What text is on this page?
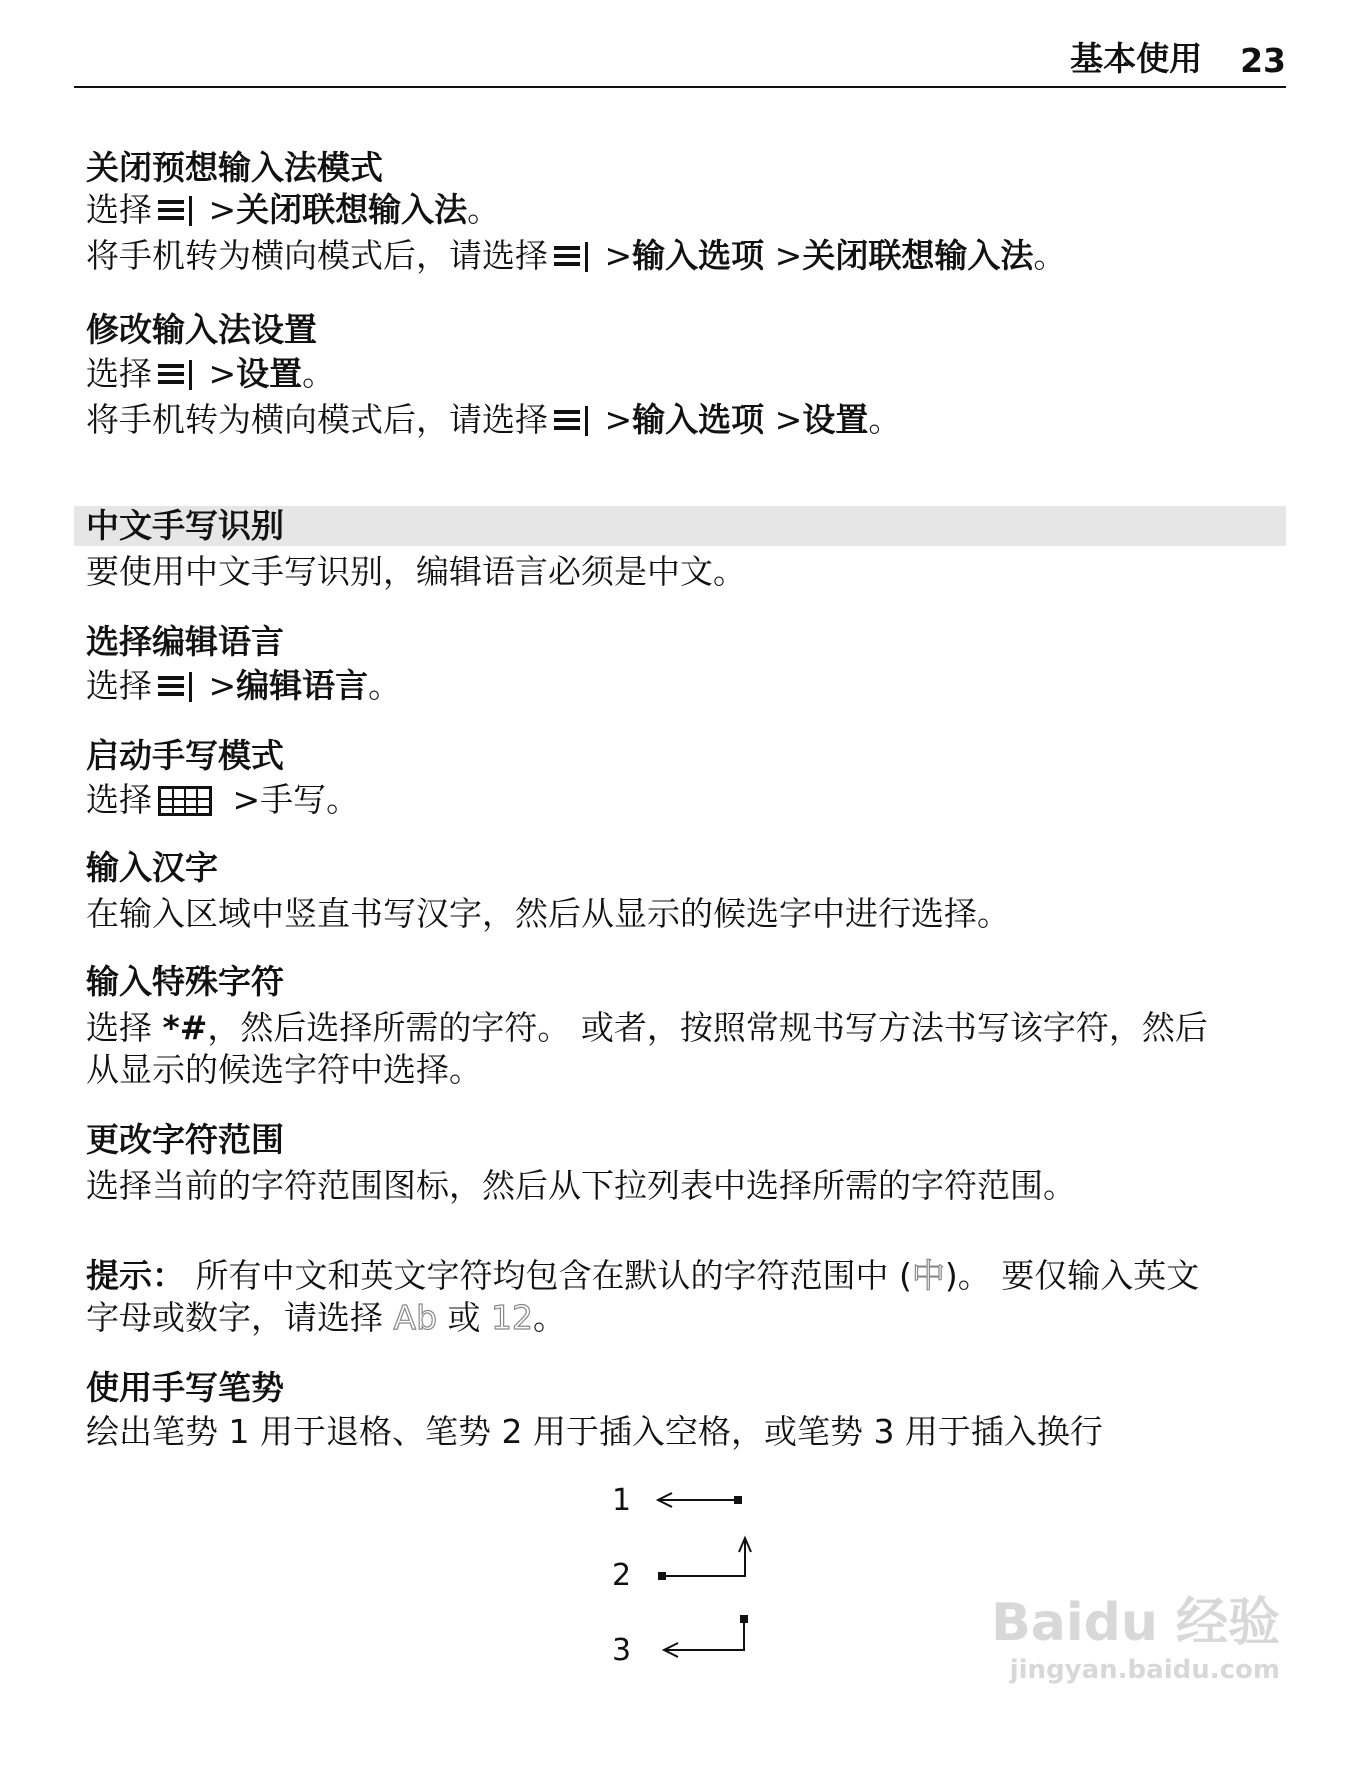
基本使用 23
关闭预想输入法模式
选择 >关闭联想输入法。
将手机转为横向模式后，请选择 >输入选项 >关闭联想输入法。
修改输入法设置
选择 >设置。
将手机转为横向模式后，请选择 >输入选项 >设置。
中文手写识别
要使用中文手写识别，编辑语言必须是中文。
选择编辑语言
选择 >编辑语言。
启动手写模式
选择 >手写。
输入汉字
在输入区域中竖直书写汉字，然后从显示的候选字中进行选择。
输入特殊字符
选择 *#，然后选择所需的字符。 或者，按照常规书写方法书写该字符，然后
从显示的候选字符中选择。
更改字符范围
选择当前的字符范围图标，然后从下拉列表中选择所需的字符范围。
提示： 所有中文和英文字符均包含在默认的字符范围中 (中)。 要仅输入英文
字母或数字，请选择 Ab 或 12。
使用手写笔势
绘出笔势 1 用于退格、笔势 2 用于插入空格，或笔势 3 用于插入换行
1
2
3	Baidu 经验
jingyan.baidu.com
